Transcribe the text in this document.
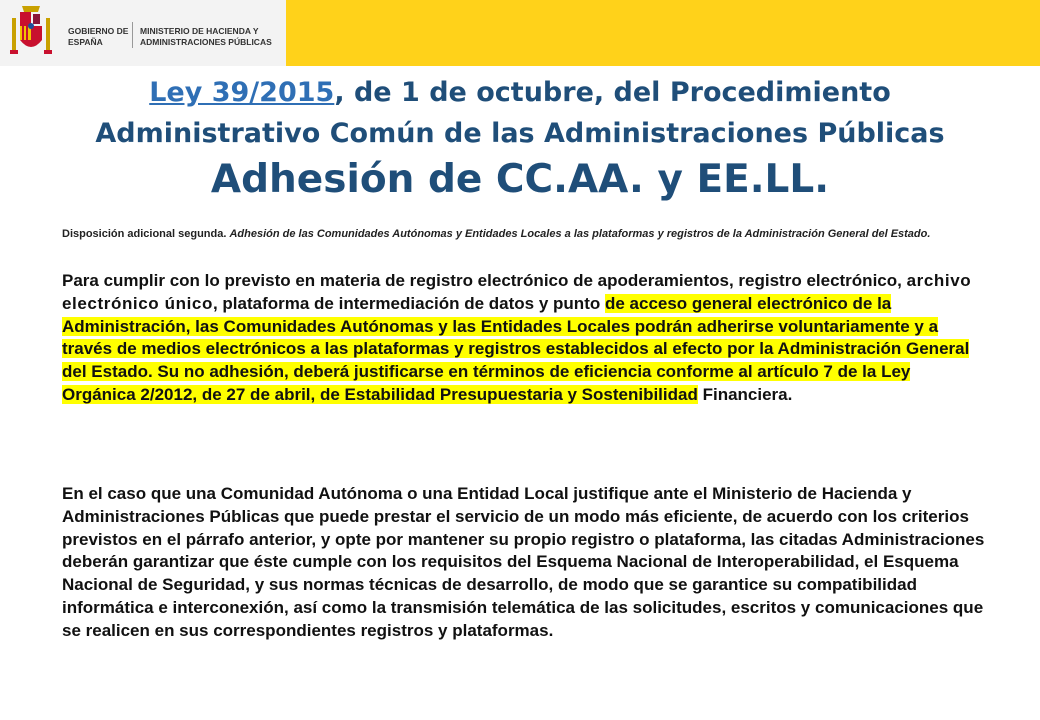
GOBIERNO DE ESPAÑA
MINISTERIO DE HACIENDA Y ADMINISTRACIONES PÚBLICAS
Ley 39/2015, de 1 de octubre, del Procedimiento
Administrativo Común de las Administraciones Públicas
Adhesión de CC.AA. y EE.LL.
Disposición adicional segunda. Adhesión de las Comunidades Autónomas y Entidades Locales a las plataformas y registros de la Administración General del Estado.
Para cumplir con lo previsto en materia de registro electrónico de apoderamientos, registro electrónico, archivo electrónico único, plataforma de intermediación de datos y punto de acceso general electrónico de la Administración, las Comunidades Autónomas y las Entidades Locales podrán adherirse voluntariamente y a través de medios electrónicos a las plataformas y registros establecidos al efecto por la Administración General del Estado. Su no adhesión, deberá justificarse en términos de eficiencia conforme al artículo 7 de la Ley Orgánica 2/2012, de 27 de abril, de Estabilidad Presupuestaria y Sostenibilidad Financiera.
En el caso que una Comunidad Autónoma o una Entidad Local justifique ante el Ministerio de Hacienda y Administraciones Públicas que puede prestar el servicio de un modo más eficiente, de acuerdo con los criterios previstos en el párrafo anterior, y opte por mantener su propio registro o plataforma, las citadas Administraciones deberán garantizar que éste cumple con los requisitos del Esquema Nacional de Interoperabilidad, el Esquema Nacional de Seguridad, y sus normas técnicas de desarrollo, de modo que se garantice su compatibilidad informática e interconexión, así como la transmisión telemática de las solicitudes, escritos y comunicaciones que se realicen en sus correspondientes registros y plataformas.
